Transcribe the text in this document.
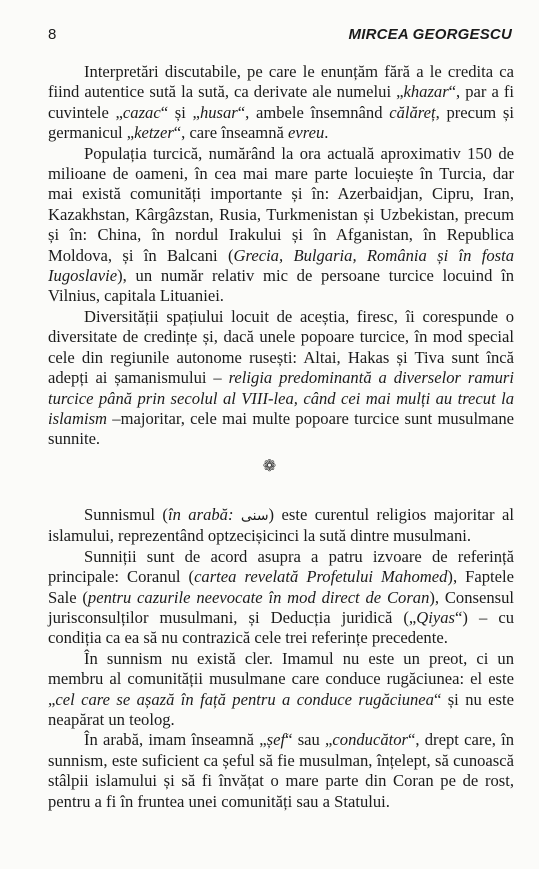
8	MIRCEA GEORGESCU

Interpretări discutabile, pe care le enunțăm fără a le credita ca fiind autentice sută la sută, ca derivate ale numelui „khazar“, par a fi cuvintele „cazac“ și „husar“, ambele însemnând călăreț, precum și germanicul „ketzer“, care înseamnă evreu.

Populația turcică, numărând la ora actuală aproximativ 150 de milioane de oameni, în cea mai mare parte locuiește în Turcia, dar mai există comunități importante și în: Azerbaidjan, Cipru, Iran, Kazakhstan, Kârgâzstan, Rusia, Turkmenistan și Uzbekistan, precum și în: China, în nordul Irakului și în Afganistan, în Republica Moldova, și în Balcani (Grecia, Bulgaria, România și în fosta Iugoslavie), un număr relativ mic de persoane turcice locuind în Vilnius, capitala Lituaniei.

Diversității spațiului locuit de aceștia, firesc, îi corespunde o diversitate de credințe și, dacă unele popoare turcice, în mod special cele din regiunile autonome rusești: Altai, Hakas și Tiva sunt încă adepți ai șamanismului – religia predominantă a diverselor ramuri turcice până prin secolul al VIII-lea, când cei mai mulți au trecut la islamism –majoritar, cele mai multe popoare turcice sunt musulmane sunnite.

❁

Sunnismul (în arabă: سنى) este curentul religios majoritar al islamului, reprezentând optzecișicinci la sută dintre musulmani.

Sunniții sunt de acord asupra a patru izvoare de referință principale: Coranul (cartea revelată Profetului Mahomed), Faptele Sale (pentru cazurile neevocate în mod direct de Coran), Consensul jurisconsulților musulmani, și Deducția juridică („Qiyas“) – cu condiția ca ea să nu contrazică cele trei referințe precedente.

În sunnism nu există cler. Imamul nu este un preot, ci un membru al comunității musulmane care conduce rugăciunea: el este „cel care se așază în față pentru a conduce rugăciunea“ și nu este neapărat un teolog.

În arabă, imam înseamnă „șef“ sau „conducător“, drept care, în sunnism, este suficient ca șeful să fie musulman, înțelept, să cunoască stâlpii islamului și să fi învățat o mare parte din Coran pe de rost, pentru a fi în fruntea unei comunități sau a Statului.
